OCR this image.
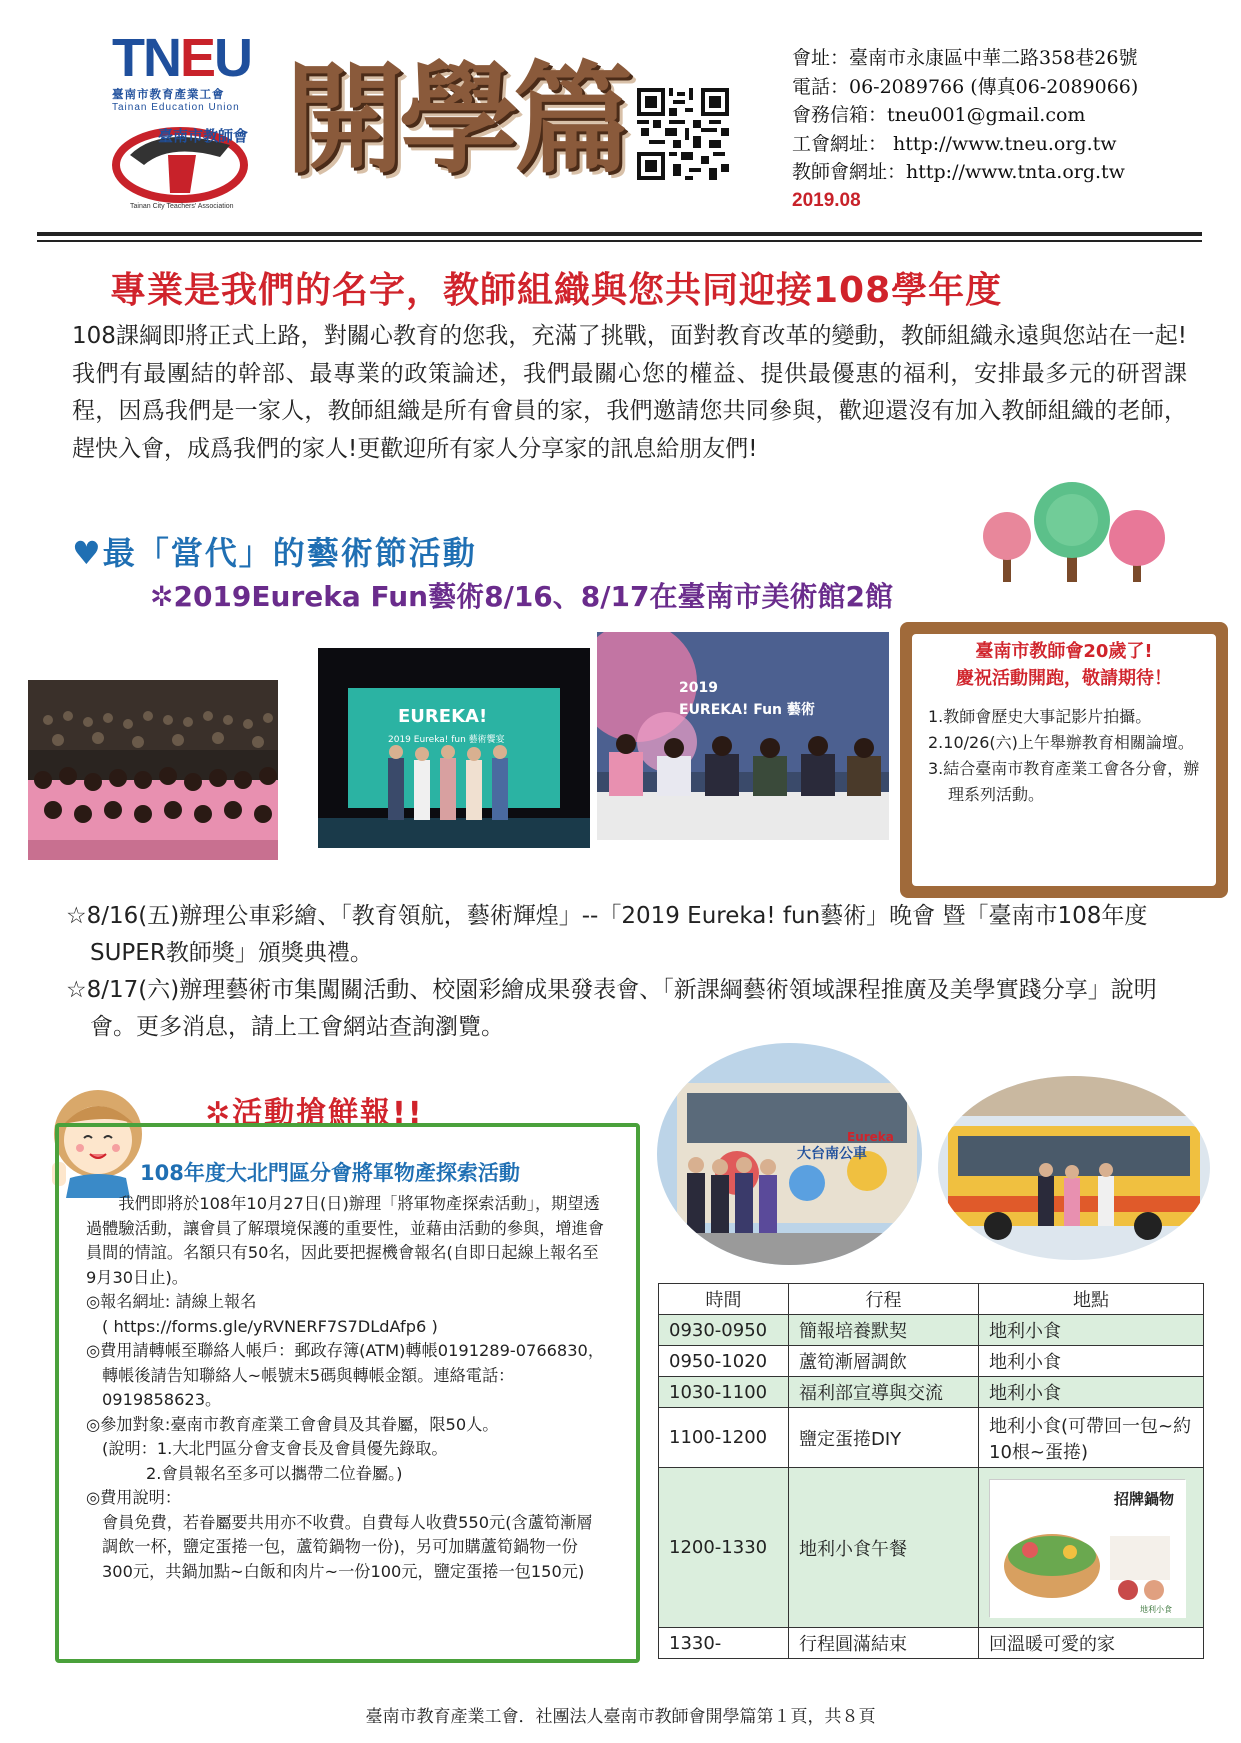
TNEU
臺南市教育產業工會
Tainan Education Union
臺南市教師會
Tainan City Teachers' Association
開學篇	會址：臺南市永康區中華二路358巷26號
電話：06-2089766 (傳真06-2089066)
會務信箱：tneu001@gmail.com
工會網址： http://www.tneu.org.tw
教師會網址：http://www.tnta.org.tw
2019.08
專業是我們的名字，教師組織與您共同迎接108學年度
108課綱即將正式上路，對關心教育的您我，充滿了挑戰，面對教育改革的變動，教師組織永遠與您站在一起!我們有最團結的幹部、最專業的政策論述，我們最關心您的權益、提供最優惠的福利，安排最多元的研習課程，因爲我們是一家人，教師組織是所有會員的家，我們邀請您共同參與，歡迎還沒有加入教師組織的老師，趕快入會，成爲我們的家人!更歡迎所有家人分享家的訊息給朋友們!
♥最「當代」的藝術節活動
✲2019Eureka Fun藝術8/16、8/17在臺南市美術館2館
EUREKA!
2019 Eureka! fun 藝術饗宴
2019
EUREKA! Fun 藝術
臺南市教師會20歲了!
慶祝活動開跑，敬請期待！
1.教師會歷史大事記影片拍攝。
2.10/26(六)上午舉辦教育相關論壇。
3.結合臺南市教育產業工會各分會，辦理系列活動。

☆8/16(五)辦理公車彩繪、「教育領航，藝術輝煌」--「2019 Eureka! fun藝術」晚會 暨「臺南市108年度SUPER教師獎」頒獎典禮。

☆8/17(六)辦理藝術市集闖關活動、校園彩繪成果發表會、「新課綱藝術領域課程推廣及美學實踐分享」說明會。更多消息，請上工會網站查詢瀏覽。

✲活動搶鮮報!!
108年度大北門區分會將軍物產探索活動
我們即將於108年10月27日(日)辦理「將軍物產探索活動」，期望透過體驗活動，讓會員了解環境保護的重要性，並藉由活動的參與，增進會員間的情誼。名額只有50名，因此要把握機會報名(自即日起線上報名至9月30日止)。
◎報名網址: 請線上報名
( https://forms.gle/yRVNERF7S7DLdAfp6 )
◎費用請轉帳至聯絡人帳戶：郵政存簿(ATM)轉帳0191289-0766830，轉帳後請告知聯絡人~帳號末5碼與轉帳金額。連絡電話：0919858623。
◎參加對象:臺南市教育產業工會會員及其眷屬，限50人。
(說明：1.大北門區分會支會長及會員優先錄取。
2.會員報名至多可以攜帶二位眷屬。)
◎費用說明：
會員免費，若眷屬要共用亦不收費。自費每人收費550元(含蘆筍漸層調飲一杯，鹽定蛋捲一包，蘆筍鍋物一份)，另可加購蘆筍鍋物一份300元，共鍋加點~白飯和肉片~一份100元，鹽定蛋捲一包150元)
大台南公車
Eureka
時間	行程	地點
0930-0950	簡報培養默契	地利小食
0950-1020	蘆筍漸層調飲	地利小食
1030-1100	福利部宣導與交流	地利小食
1100-1200	鹽定蛋捲DIY	地利小食(可帶回一包~約10根~蛋捲)
1200-1330	地利小食午餐	招牌鍋物
地利小食

1330-	行程圓滿結束	回溫暖可愛的家
臺南市教育產業工會．社團法人臺南市教師會開學篇第１頁，共８頁
